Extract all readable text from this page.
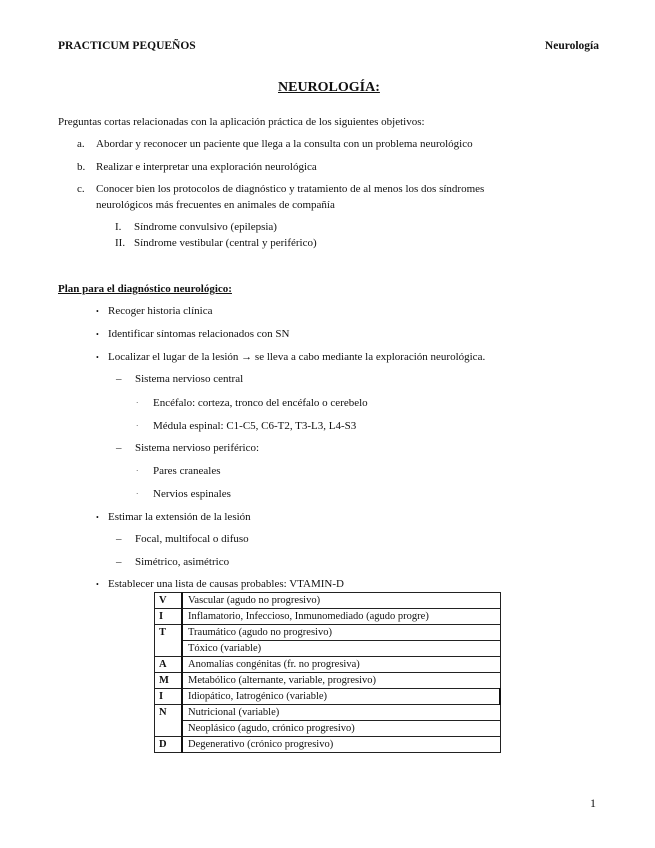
PRACTICUM PEQUEÑOS	Neurología
NEUROLOGÍA:
Preguntas cortas relacionadas con la aplicación práctica de los siguientes objetivos:
a. Abordar y reconocer un paciente que llega a la consulta con un problema neurológico
b. Realizar e interpretar una exploración neurológica
c. Conocer bien los protocolos de diagnóstico y tratamiento de al menos los dos síndromes
neurológicos más frecuentes en animales de compañía
I. Síndrome convulsivo (epilepsia)
II. Síndrome vestibular (central y periférico)
Plan para el diagnóstico neurológico:
• Recoger historia clínica
• Identificar síntomas relacionados con SN
• Localizar el lugar de la lesión → se lleva a cabo mediante la exploración neurológica.
– Sistema nervioso central
· Encéfalo: corteza, tronco del encéfalo o cerebelo
· Médula espinal: C1-C5, C6-T2, T3-L3, L4-S3
– Sistema nervioso periférico:
· Pares craneales
· Nervios espinales
• Estimar la extensión de la lesión
– Focal, multifocal o difuso
– Simétrico, asimétrico
• Establecer una lista de causas probables: VTAMIN-D
V	Vascular (agudo no progresivo)
I	Inflamatorio, Infeccioso, Inmunomediado (agudo progre)
T	Traumático (agudo no progresivo)
	Tóxico (variable)
A	Anomalías congénitas (fr. no progresiva)
M	Metabólico (alternante, variable, progresivo)
I	Idiopático, Iatrogénico (variable)
N	Nutricional (variable)
	Neoplásico (agudo, crónico progresivo)
D	Degenerativo (crónico progresivo)
1
